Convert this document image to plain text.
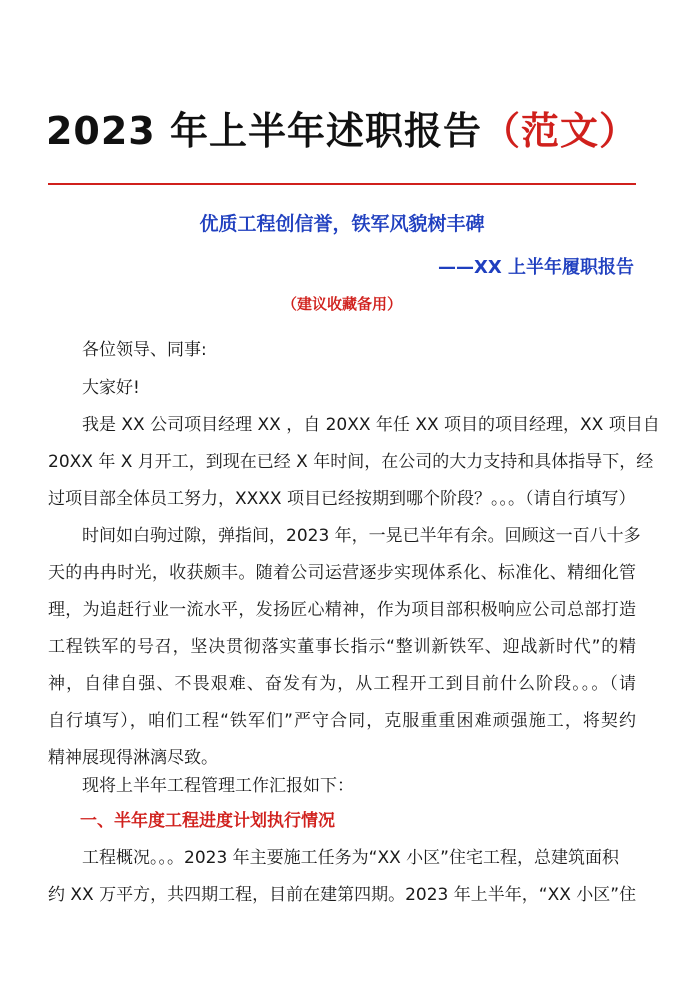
2023 年上半年述职报告（范文）
优质工程创信誉，铁军风貌树丰碑
——XX 上半年履职报告
（建议收藏备用）
各位领导、同事:
大家好!
我是 XX 公司项目经理 XX ，自 20XX 年任 XX 项目的项目经理，XX 项目自
20XX 年 X 月开工，到现在已经 X 年时间，在公司的大力支持和具体指导下，经
过项目部全体员工努力，XXXX 项目已经按期到哪个阶段？。。。（请自行填写）
时间如白驹过隙，弹指间，2023 年，一晃已半年有余。回顾这一百八十多
天的冉冉时光，收获颇丰。随着公司运营逐步实现体系化、标准化、精细化管
理，为追赶行业一流水平，发扬匠心精神，作为项目部积极响应公司总部打造
工程铁军的号召，坚决贯彻落实董事长指示“整训新铁军、迎战新时代”的精
神，自律自强、不畏艰难、奋发有为，从工程开工到目前什么阶段。。。（请
自行填写），咱们工程“铁军们”严守合同，克服重重困难顽强施工，将契约
精神展现得淋漓尽致。
现将上半年工程管理工作汇报如下：
一、半年度工程进度计划执行情况
工程概况。。。2023 年主要施工任务为“XX 小区”住宅工程，总建筑面积
约 XX 万平方，共四期工程，目前在建第四期。2023 年上半年，“XX 小区”住
